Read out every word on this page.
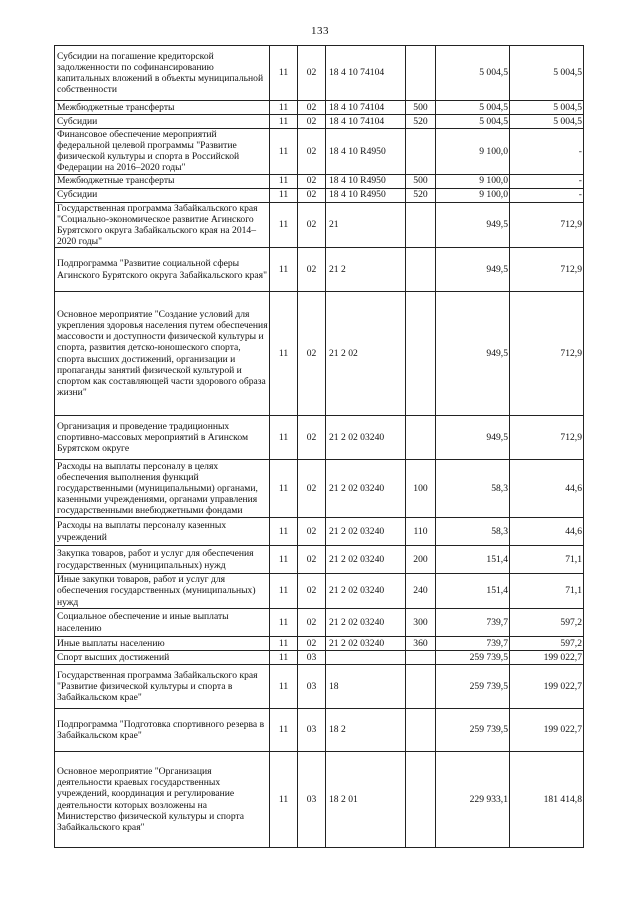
133
Субсидии на погашение кредиторской задолженности по софинансированию капитальных вложений в объекты муниципальной собственности	11	02	18 4 10 74104		5 004,5	5 004,5
Межбюджетные трансферты	11	02	18 4 10 74104	500	5 004,5	5 004,5
Субсидии	11	02	18 4 10 74104	520	5 004,5	5 004,5
Финансовое обеспечение мероприятий федеральной целевой программы "Развитие физической культуры и спорта в Российской Федерации на 2016–2020 годы"	11	02	18 4 10 R4950		9 100,0	-
Межбюджетные трансферты	11	02	18 4 10 R4950	500	9 100,0	-
Субсидии	11	02	18 4 10 R4950	520	9 100,0	-
Государственная программа Забайкальского края "Социально-экономическое развитие Агинского Бурятского округа Забайкальского края на 2014–2020 годы"	11	02	21		949,5	712,9
Подпрограмма "Развитие социальной сферы Агинского Бурятского округа Забайкальского края"	11	02	21 2		949,5	712,9
Основное мероприятие "Создание условий для укрепления здоровья населения путем обеспечения массовости и доступности физической культуры и спорта, развития детско-юношеского спорта, спорта высших достижений, организации и пропаганды занятий физической культурой и спортом как составляющей части здорового образа жизни"	11	02	21 2 02		949,5	712,9
Организация и проведение традиционных спортивно-массовых мероприятий в Агинском Бурятском округе	11	02	21 2 02 03240		949,5	712,9
Расходы на выплаты персоналу в целях обеспечения выполнения функций государственными (муниципальными) органами, казенными учреждениями, органами управления государственными внебюджетными фондами	11	02	21 2 02 03240	100	58,3	44,6
Расходы на выплаты персоналу казенных учреждений	11	02	21 2 02 03240	110	58,3	44,6
Закупка товаров, работ и услуг для обеспечения государственных (муниципальных) нужд	11	02	21 2 02 03240	200	151,4	71,1
Иные закупки товаров, работ и услуг для обеспечения государственных (муниципальных) нужд	11	02	21 2 02 03240	240	151,4	71,1
Социальное обеспечение и иные выплаты населению	11	02	21 2 02 03240	300	739,7	597,2
Иные выплаты населению	11	02	21 2 02 03240	360	739,7	597,2
Спорт высших достижений	11	03			259 739,5	199 022,7
Государственная программа Забайкальского края "Развитие физической культуры и спорта в Забайкальском крае"	11	03	18		259 739,5	199 022,7
Подпрограмма "Подготовка спортивного резерва в Забайкальском крае"	11	03	18 2		259 739,5	199 022,7
Основное мероприятие "Организация деятельности краевых государственных учреждений, координация и регулирование деятельности которых возложены на Министерство физической культуры и спорта Забайкальского края"	11	03	18 2 01		229 933,1	181 414,8
